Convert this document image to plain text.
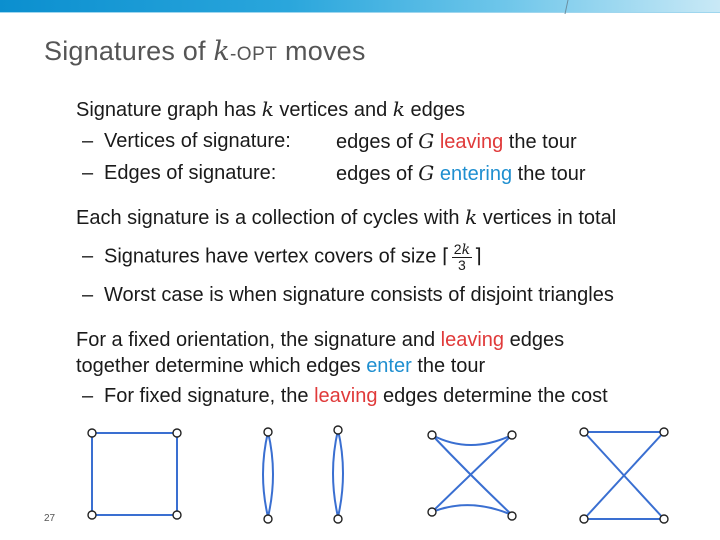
Signatures of k-OPT moves
Signature graph has k vertices and k edges
– Vertices of signature: edges of G leaving the tour
– Edges of signature:	edges of G entering the tour
Each signature is a collection of cycles with k vertices in total
– Signatures have vertex covers of size ⌈ $\frac{2k}{3}$ ⌉
– Worst case is when signature consists of disjoint triangles
For a fixed orientation, the signature and leaving edges
together determine which edges enter the tour
– For fixed signature, the leaving edges determine the cost
27
